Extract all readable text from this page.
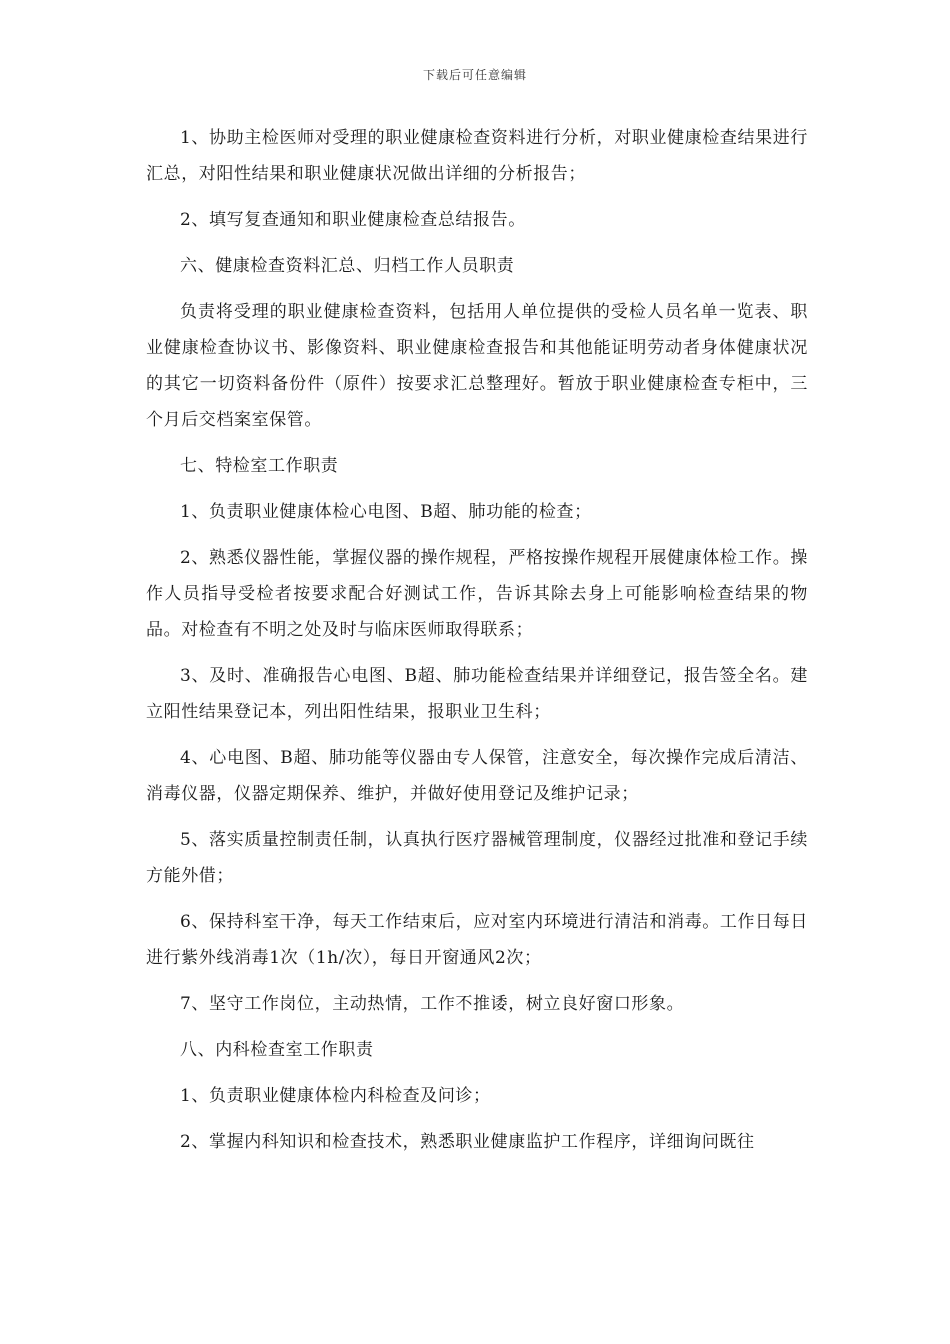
下载后可任意编辑

1、协助主检医师对受理的职业健康检查资料进行分析，对职业健康检查结果进行汇总，对阳性结果和职业健康状况做出详细的分析报告；

2、填写复查通知和职业健康检查总结报告。

六、健康检查资料汇总、归档工作人员职责

负责将受理的职业健康检查资料，包括用人单位提供的受检人员名单一览表、职业健康检查协议书、影像资料、职业健康检查报告和其他能证明劳动者身体健康状况的其它一切资料备份件（原件）按要求汇总整理好。暂放于职业健康检查专柜中，三个月后交档案室保管。

七、特检室工作职责

1、负责职业健康体检心电图、B超、肺功能的检查；

2、熟悉仪器性能，掌握仪器的操作规程，严格按操作规程开展健康体检工作。操作人员指导受检者按要求配合好测试工作，告诉其除去身上可能影响检查结果的物品。对检查有不明之处及时与临床医师取得联系；

3、及时、准确报告心电图、B超、肺功能检查结果并详细登记，报告签全名。建立阳性结果登记本，列出阳性结果，报职业卫生科；

4、心电图、B超、肺功能等仪器由专人保管，注意安全，每次操作完成后清洁、消毒仪器，仪器定期保养、维护，并做好使用登记及维护记录；

5、落实质量控制责任制，认真执行医疗器械管理制度，仪器经过批准和登记手续方能外借；

6、保持科室干净，每天工作结束后，应对室内环境进行清洁和消毒。工作日每日进行紫外线消毒1次（1h/次），每日开窗通风2次；

7、坚守工作岗位，主动热情，工作不推诿，树立良好窗口形象。

八、内科检查室工作职责

1、负责职业健康体检内科检查及问诊；

2、掌握内科知识和检查技术，熟悉职业健康监护工作程序，详细询问既往
